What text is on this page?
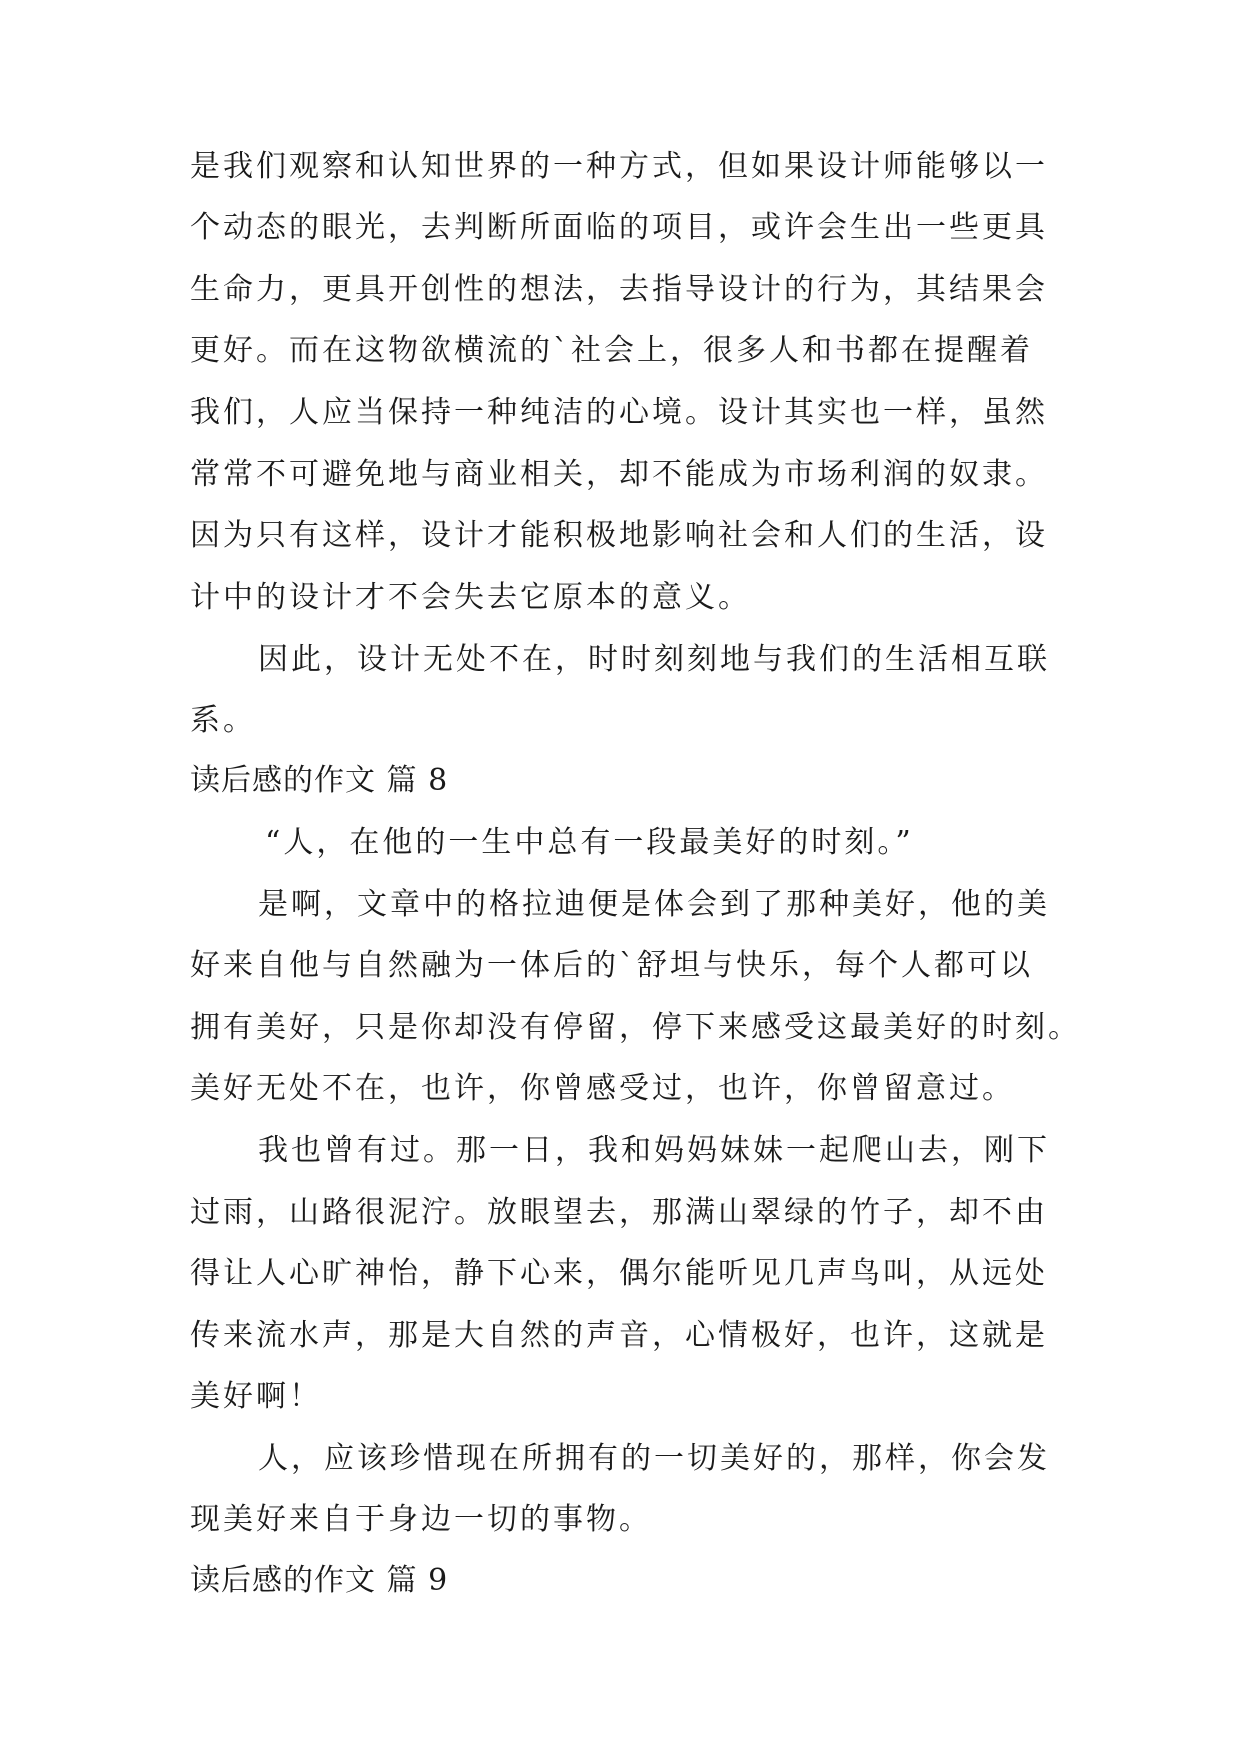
是我们观察和认知世界的一种方式，但如果设计师能够以一
个动态的眼光，去判断所面临的项目，或许会生出一些更具
生命力，更具开创性的想法，去指导设计的行为，其结果会
更好。而在这物欲横流的`社会上，很多人和书都在提醒着
我们，人应当保持一种纯洁的心境。设计其实也一样，虽然
常常不可避免地与商业相关，却不能成为市场利润的奴隶。
因为只有这样，设计才能积极地影响社会和人们的生活，设
计中的设计才不会失去它原本的意义。
因此，设计无处不在，时时刻刻地与我们的生活相互联
系。
读后感的作文 篇 8
“人，在他的一生中总有一段最美好的时刻。”
是啊，文章中的格拉迪便是体会到了那种美好，他的美
好来自他与自然融为一体后的`舒坦与快乐，每个人都可以
拥有美好，只是你却没有停留，停下来感受这最美好的时刻。
美好无处不在，也许，你曾感受过，也许，你曾留意过。
我也曾有过。那一日，我和妈妈妹妹一起爬山去，刚下
过雨，山路很泥泞。放眼望去，那满山翠绿的竹子，却不由
得让人心旷神怡，静下心来，偶尔能听见几声鸟叫，从远处
传来流水声，那是大自然的声音，心情极好，也许，这就是
美好啊！
人，应该珍惜现在所拥有的一切美好的，那样，你会发
现美好来自于身边一切的事物。
读后感的作文 篇 9
